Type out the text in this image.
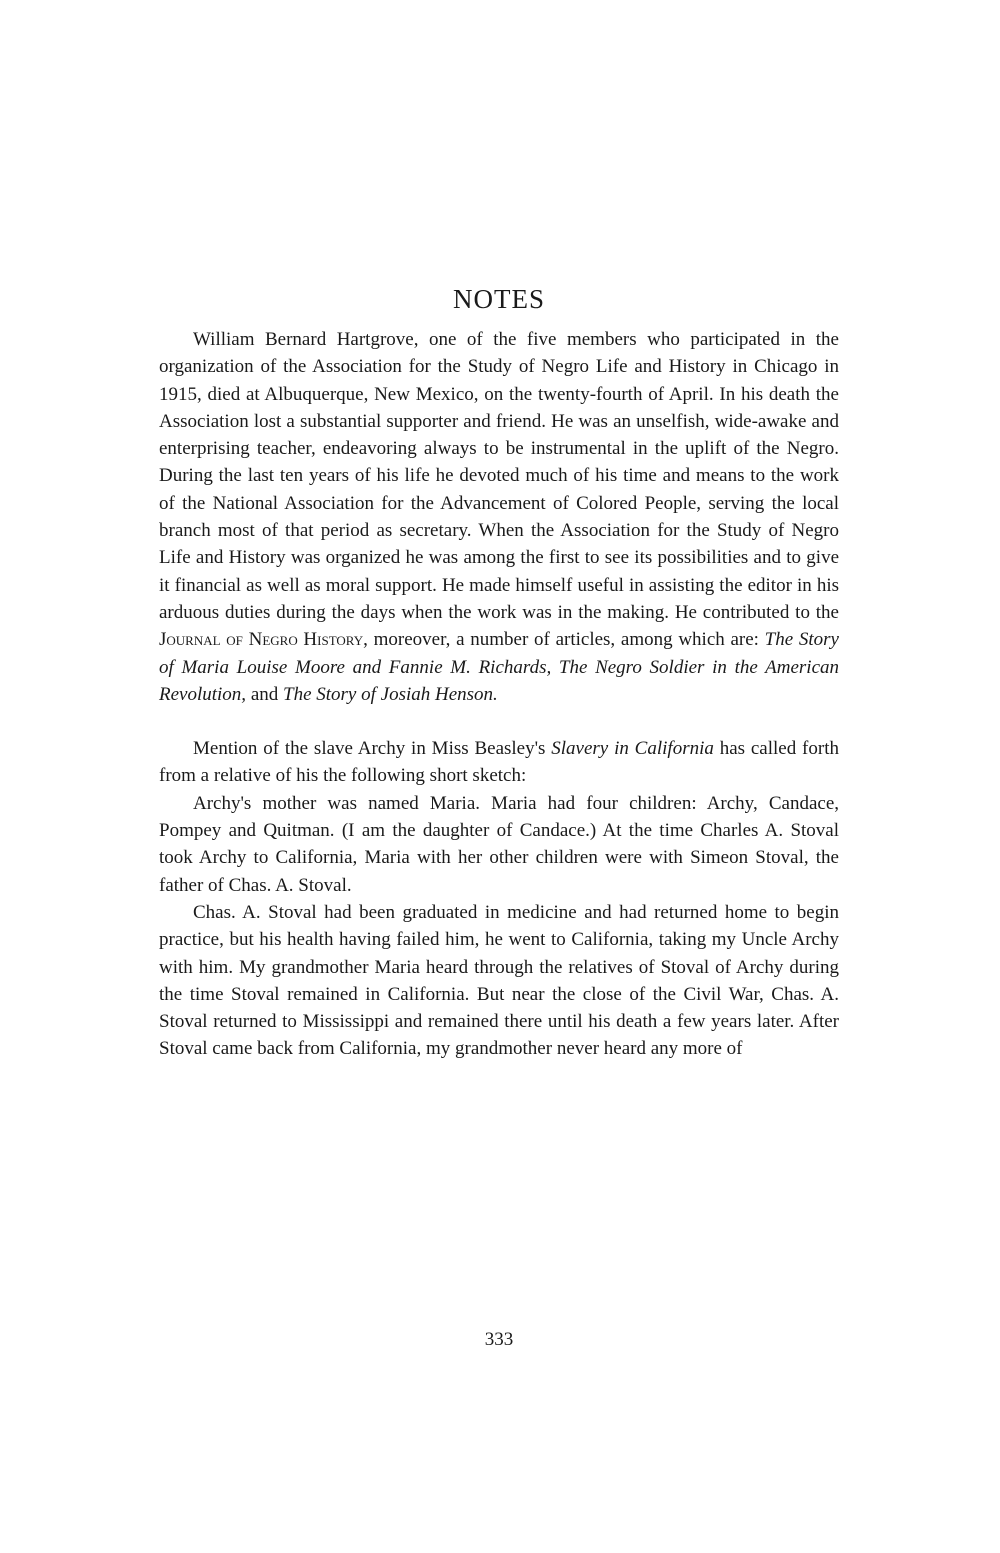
NOTES

William Bernard Hartgrove, one of the five members who participated in the organization of the Association for the Study of Negro Life and History in Chicago in 1915, died at Albuquerque, New Mexico, on the twenty-fourth of April. In his death the Association lost a substantial supporter and friend. He was an unselfish, wide-awake and enterprising teacher, endeavoring always to be instrumental in the uplift of the Negro. During the last ten years of his life he devoted much of his time and means to the work of the National Association for the Advancement of Colored People, serving the local branch most of that period as secretary. When the Association for the Study of Negro Life and History was organized he was among the first to see its possibilities and to give it financial as well as moral support. He made himself useful in assisting the editor in his arduous duties during the days when the work was in the making. He contributed to the Journal of Negro History, moreover, a number of articles, among which are: The Story of Maria Louise Moore and Fannie M. Richards, The Negro Soldier in the American Revolution, and The Story of Josiah Henson.

Mention of the slave Archy in Miss Beasley's Slavery in California has called forth from a relative of his the following short sketch:

Archy's mother was named Maria. Maria had four children: Archy, Candace, Pompey and Quitman. (I am the daughter of Candace.) At the time Charles A. Stoval took Archy to California, Maria with her other children were with Simeon Stoval, the father of Chas. A. Stoval.

Chas. A. Stoval had been graduated in medicine and had returned home to begin practice, but his health having failed him, he went to California, taking my Uncle Archy with him. My grandmother Maria heard through the relatives of Stoval of Archy during the time Stoval remained in California. But near the close of the Civil War, Chas. A. Stoval returned to Mississippi and remained there until his death a few years later. After Stoval came back from California, my grandmother never heard any more of

333
